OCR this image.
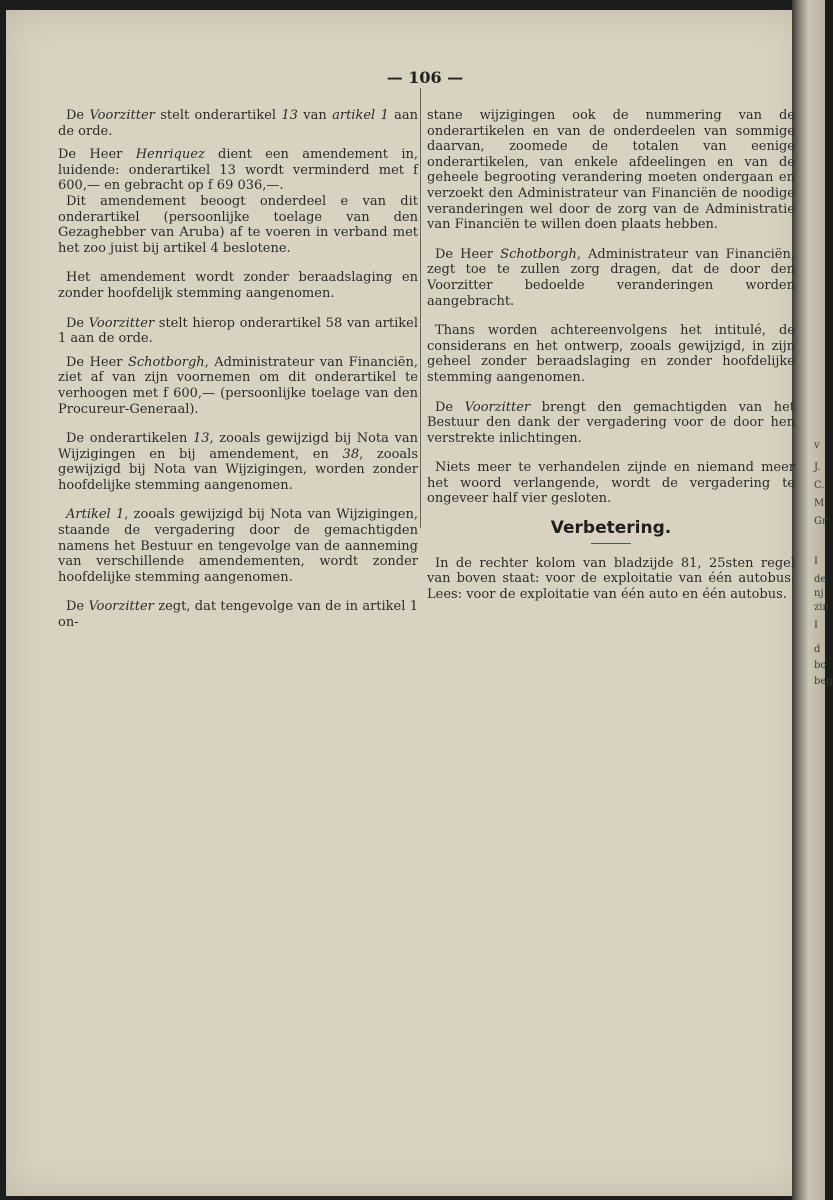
v
J.
C.
M
Gr
I
de
nj
zin
I
d
bo
beg
— 106 —

De Voorzitter stelt onderartikel 13 van artikel 1 aan de orde.

De Heer Henriquez dient een amendement in, luidende: onderartikel 13 wordt verminderd met f 600,— en gebracht op f 69 036,—.

Dit amendement beoogt onderdeel e van dit onderartikel (persoonlijke toelage van den Gezaghebber van Aruba) af te voeren in verband met het zoo juist bij artikel 4 beslotene.

Het amendement wordt zonder beraadslaging en zonder hoofdelijk stemming aangenomen.

De Voorzitter stelt hierop onderartikel 58 van artikel 1 aan de orde.

De Heer Schotborgh, Administrateur van Financiën, ziet af van zijn voornemen om dit onderartikel te verhoogen met f 600,— (persoonlijke toelage van den Procureur-Generaal).

De onderartikelen 13, zooals gewijzigd bij Nota van Wijzigingen en bij amendement, en 38, zooals gewijzigd bij Nota van Wijzigingen, worden zonder hoofdelijke stemming aangenomen.

Artikel 1, zooals gewijzigd bij Nota van Wijzigingen, staande de vergadering door de gemachtigden namens het Bestuur en tengevolge van de aanneming van verschillende amendementen, wordt zonder hoofdelijke stemming aangenomen.

De Voorzitter zegt, dat tengevolge van de in artikel 1 on-

stane wijzigingen ook de nummering van de onderartikelen en van de onderdeelen van sommige daarvan, zoomede de totalen van eenige onderartikelen, van enkele afdeelingen en van de geheele begrooting verandering moeten ondergaan en verzoekt den Administrateur van Financiën de noodige veranderingen wel door de zorg van de Administratie van Financiën te willen doen plaats hebben.

De Heer Schotborgh, Administrateur van Financiën, zegt toe te zullen zorg dragen, dat de door den Voorzitter bedoelde veranderingen worden aangebracht.

Thans worden achtereenvolgens het intitulé, de considerans en het ontwerp, zooals gewijzigd, in zijn geheel zonder beraadslaging en zonder hoofdelijke stemming aangenomen.

De Voorzitter brengt den gemachtigden van het Bestuur den dank der vergadering voor de door hen verstrekte inlichtingen.

Niets meer te verhandelen zijnde en niemand meer het woord verlangende, wordt de vergadering te ongeveer half vier gesloten.

Verbetering.

In de rechter kolom van bladzijde 81, 25sten regel van boven staat: voor de exploitatie van één autobus. Lees: voor de exploitatie van één auto en één autobus.
